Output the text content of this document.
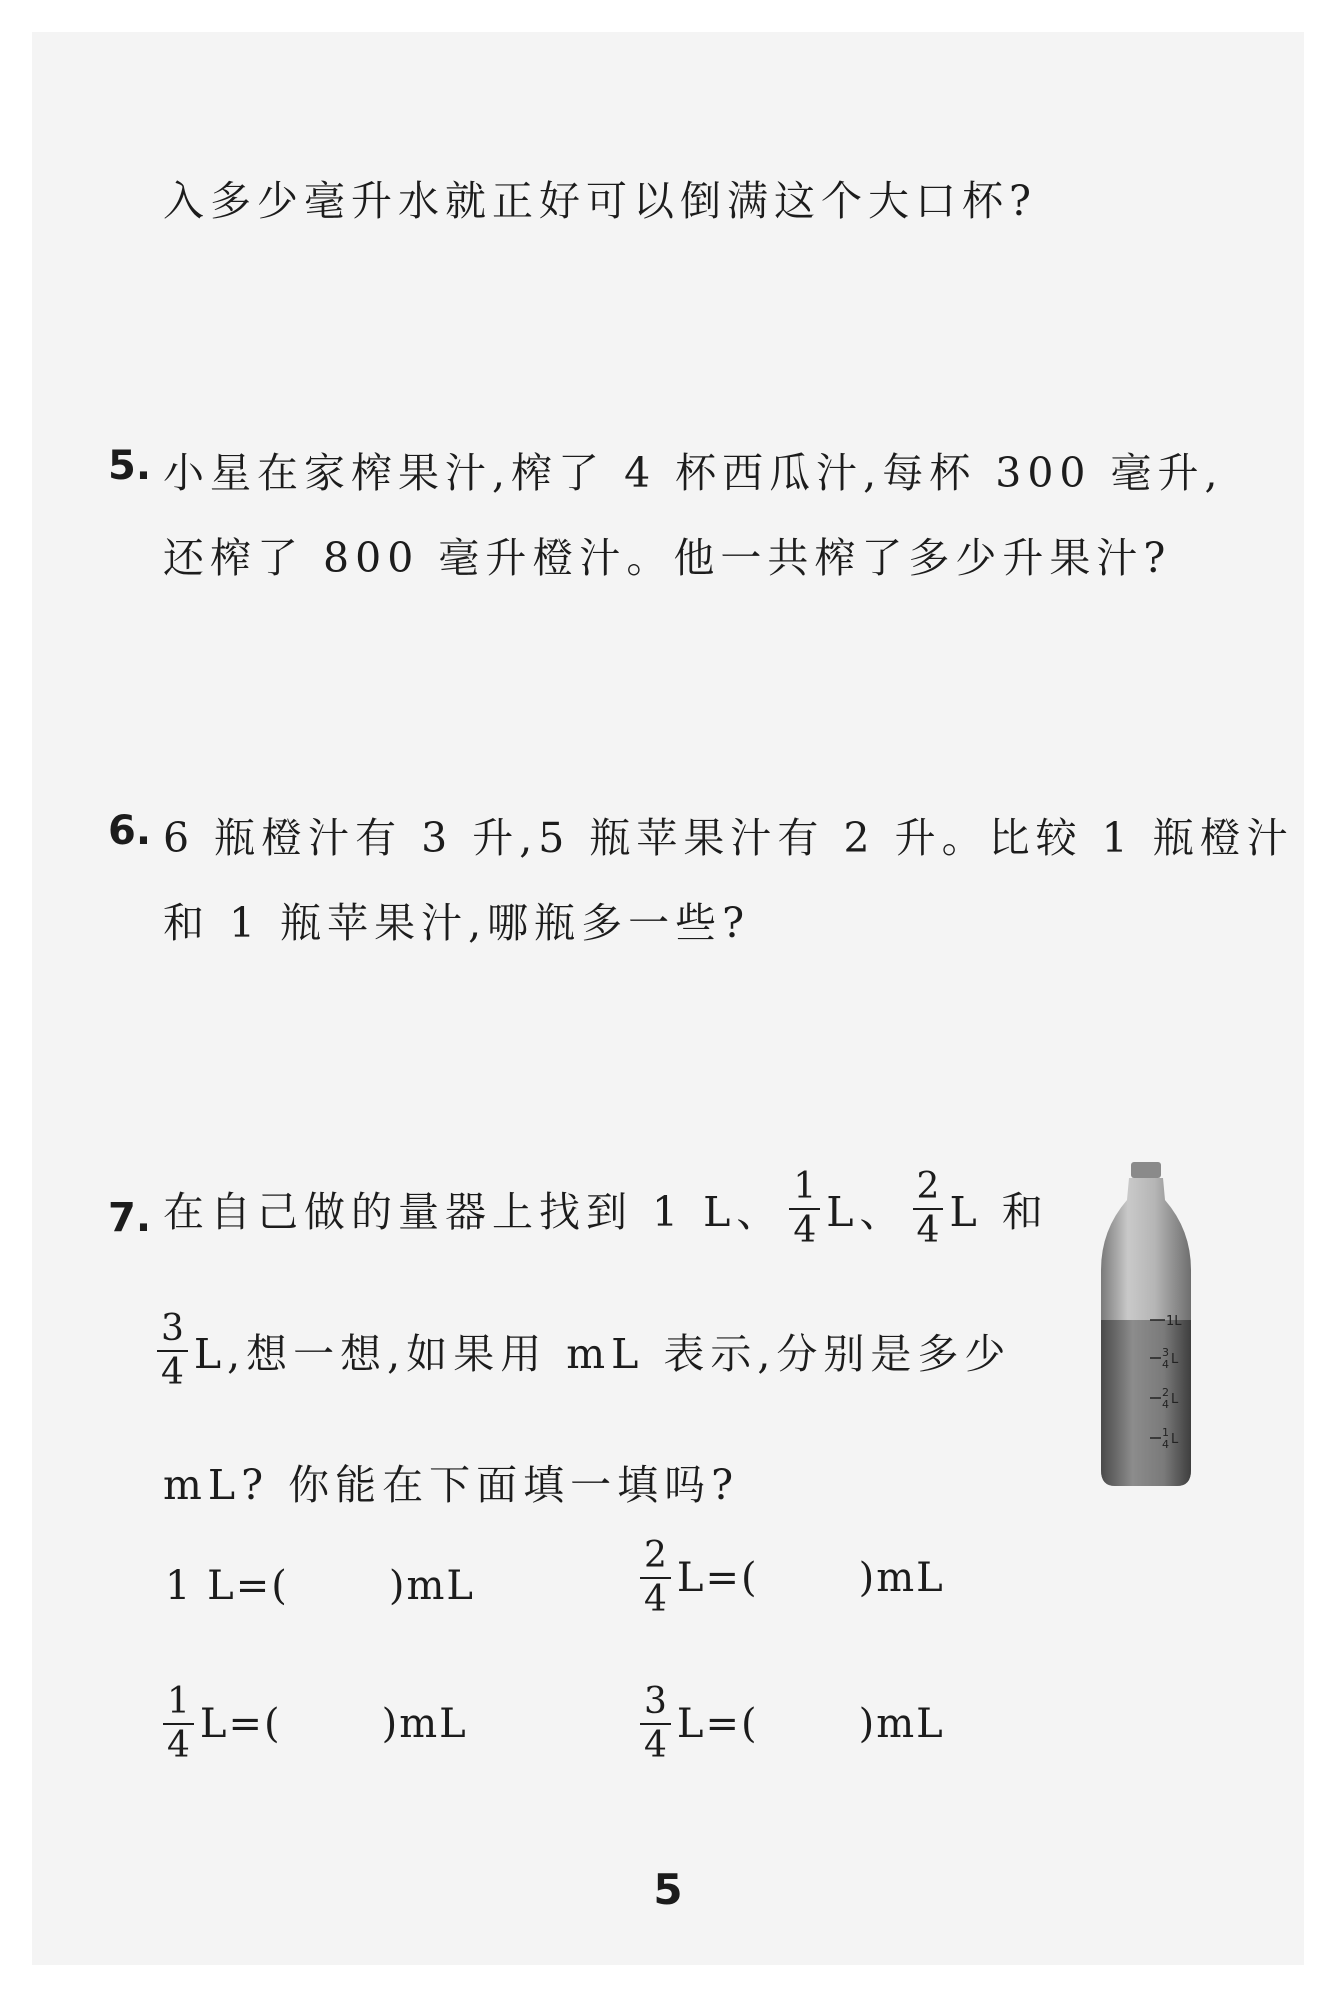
入多少毫升水就正好可以倒满这个大口杯?
5. 小星在家榨果汁,榨了 4 杯西瓜汁,每杯 300 毫升,
还榨了 800 毫升橙汁。他一共榨了多少升果汁?
6. 6 瓶橙汁有 3 升,5 瓶苹果汁有 2 升。比较 1 瓶橙汁
和 1 瓶苹果汁,哪瓶多一些?
7. 在自己做的量器上找到 1 L、 $\frac{1}{4}$ L、 $\frac{2}{4}$ L 和
$\frac{3}{4} L$,想一想,如果用 mL 表示,分别是多少
mL? 你能在下面填一填吗?
1 L=(	)mL	$\frac{2}{4} L=$(	)mL
$\frac{1}{4} L=$(	)mL	$\frac{3}{4} L=$(	)mL
1L
3
4 L
2
4 L
1
4 L
5
